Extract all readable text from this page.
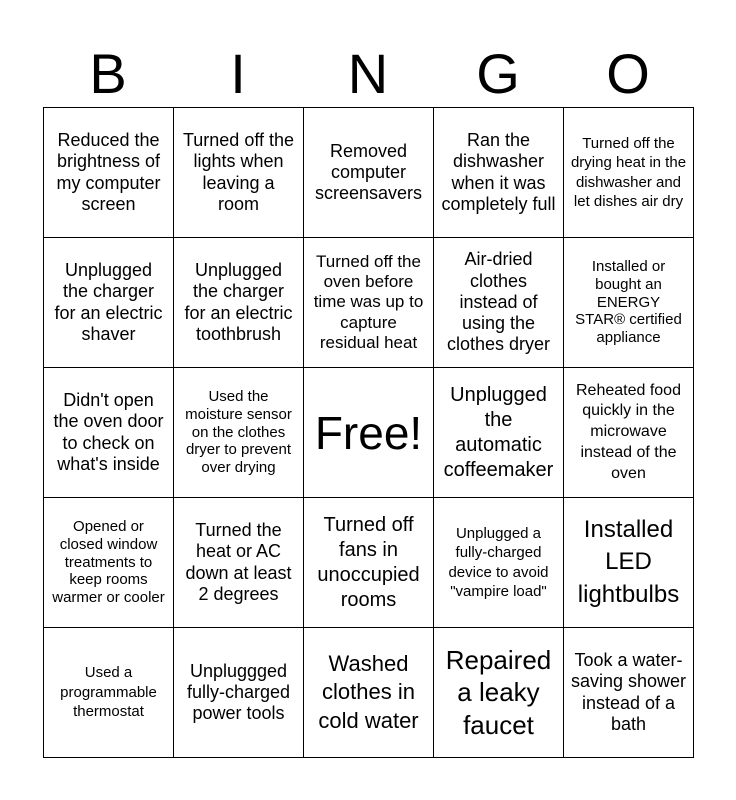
B	I	N	G	O
Reduced the brightness of my computer screen
Turned off the lights when leaving a room
Removed computer screensavers
Ran the dishwasher when it was completely full
Turned off the drying heat in the dishwasher and let dishes air dry
Unplugged the charger for an electric shaver
Unplugged the charger for an electric toothbrush
Turned off the oven before time was up to capture residual heat
Air-dried clothes instead of using the clothes dryer
Installed or bought an ENERGY STAR® certified appliance
Didn't open the oven door to check on what's inside
Used the moisture sensor on the clothes dryer to prevent over drying
Free!
Unplugged the automatic coffeemaker
Reheated food quickly in the microwave instead of the oven
Opened or closed window treatments to keep rooms warmer or cooler
Turned the heat or AC down at least 2 degrees
Turned off fans in unoccupied rooms
Unplugged a fully-charged device to avoid "vampire load"
Installed LED lightbulbs
Used a programmable thermostat
Unpluggged fully-charged power tools
Washed clothes in cold water
Repaired a leaky faucet
Took a water-saving shower instead of a bath
